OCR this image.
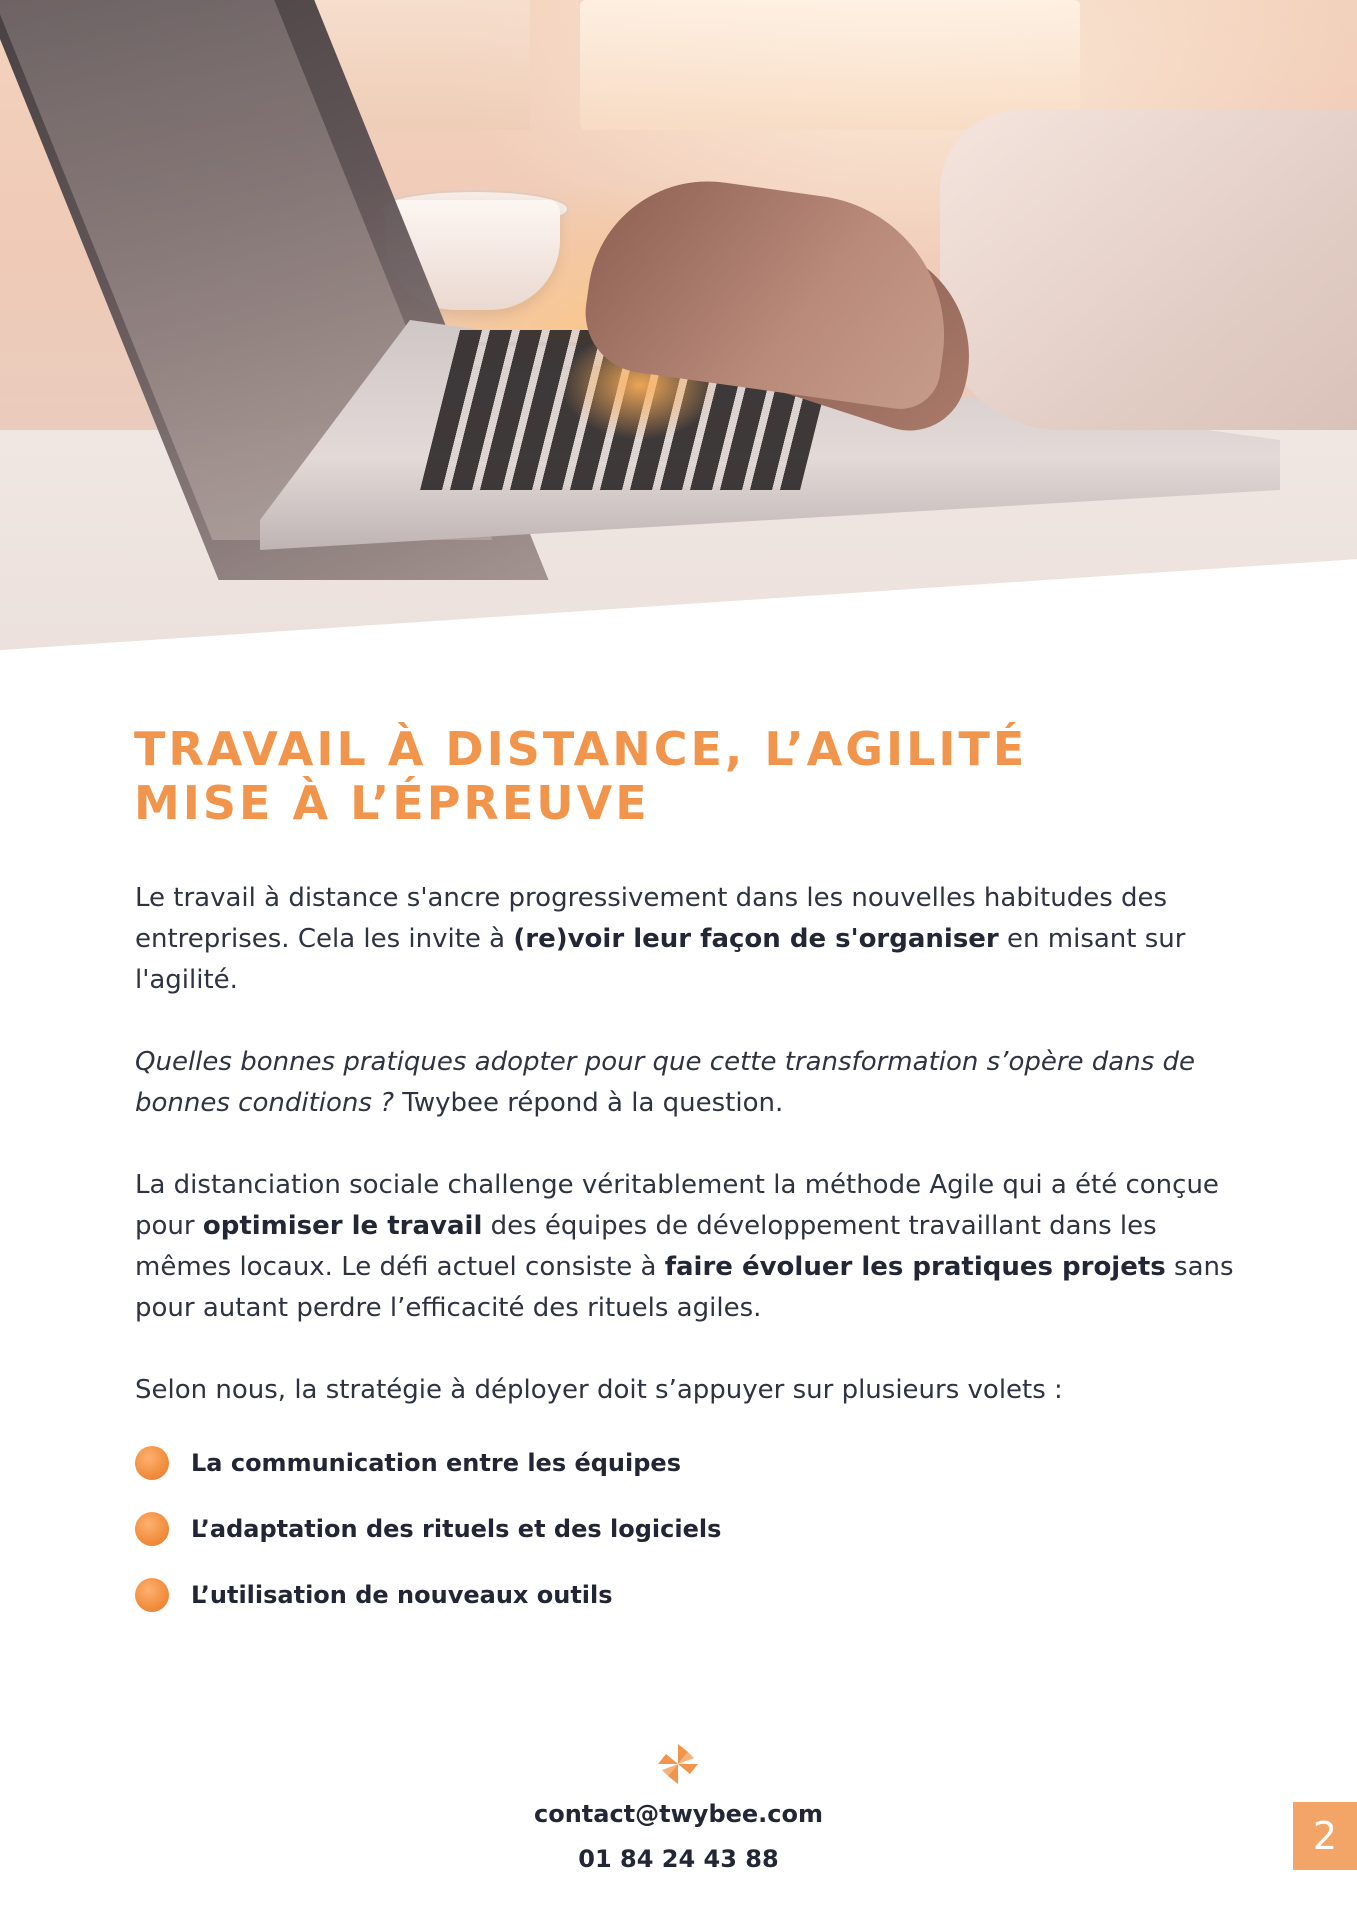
TRAVAIL À DISTANCE, L’AGILITÉ
MISE À L’ÉPREUVE

Le travail à distance s'ancre progressivement dans les nouvelles habitudes des entreprises. Cela les invite à (re)voir leur façon de s'organiser en misant sur l'agilité.

Quelles bonnes pratiques adopter pour que cette transformation s’opère dans de bonnes conditions ? Twybee répond à la question.

La distanciation sociale challenge véritablement la méthode Agile qui a été conçue pour optimiser le travail des équipes de développement travaillant dans les mêmes locaux. Le défi actuel consiste à faire évoluer les pratiques projets sans pour autant perdre l’efficacité des rituels agiles.

Selon nous, la stratégie à déployer doit s’appuyer sur plusieurs volets :

La communication entre les équipes
L’adaptation des rituels et des logiciels
L’utilisation de nouveaux outils
contact@twybee.com
01 84 24 43 88
2
